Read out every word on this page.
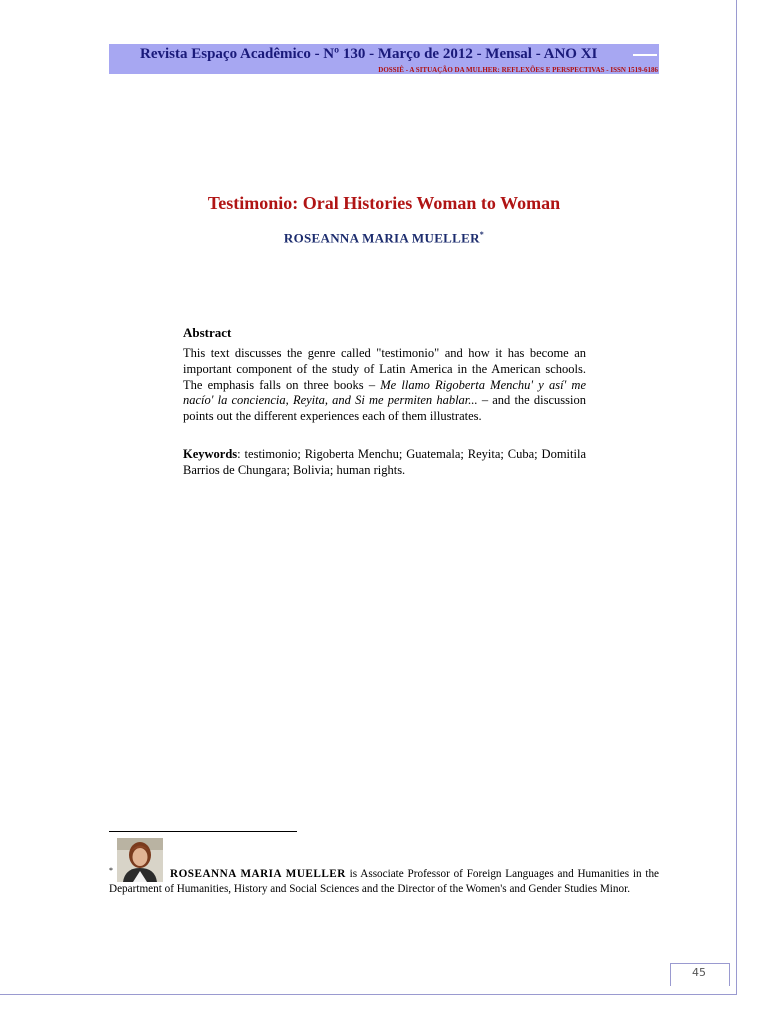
Revista Espaço Acadêmico - Nº 130 - Março de 2012 - Mensal - ANO XI
DOSSIÊ - A SITUAÇÃO DA MULHER: REFLEXÕES E PERSPECTIVAS - ISSN 1519-6186
Testimonio: Oral Histories Woman to Woman
ROSEANNA MARIA MUELLER*
Abstract
This text discusses the genre called "testimonio" and how it has become an important component of the study of Latin America in the American schools. The emphasis falls on three books – Me llamo Rigoberta Menchu' y así' me nacío' la conciencia, Reyita, and Si me permiten hablar... – and the discussion points out the different experiences each of them illustrates.
Keywords: testimonio; Rigoberta Menchu; Guatemala; Reyita; Cuba; Domitila Barrios de Chungara; Bolivia; human rights.
*	ROSEANNA MARIA MUELLER is Associate Professor of Foreign Languages and Humanities in the Department of Humanities, History and Social Sciences and the Director of the Women's and Gender Studies Minor.
45
